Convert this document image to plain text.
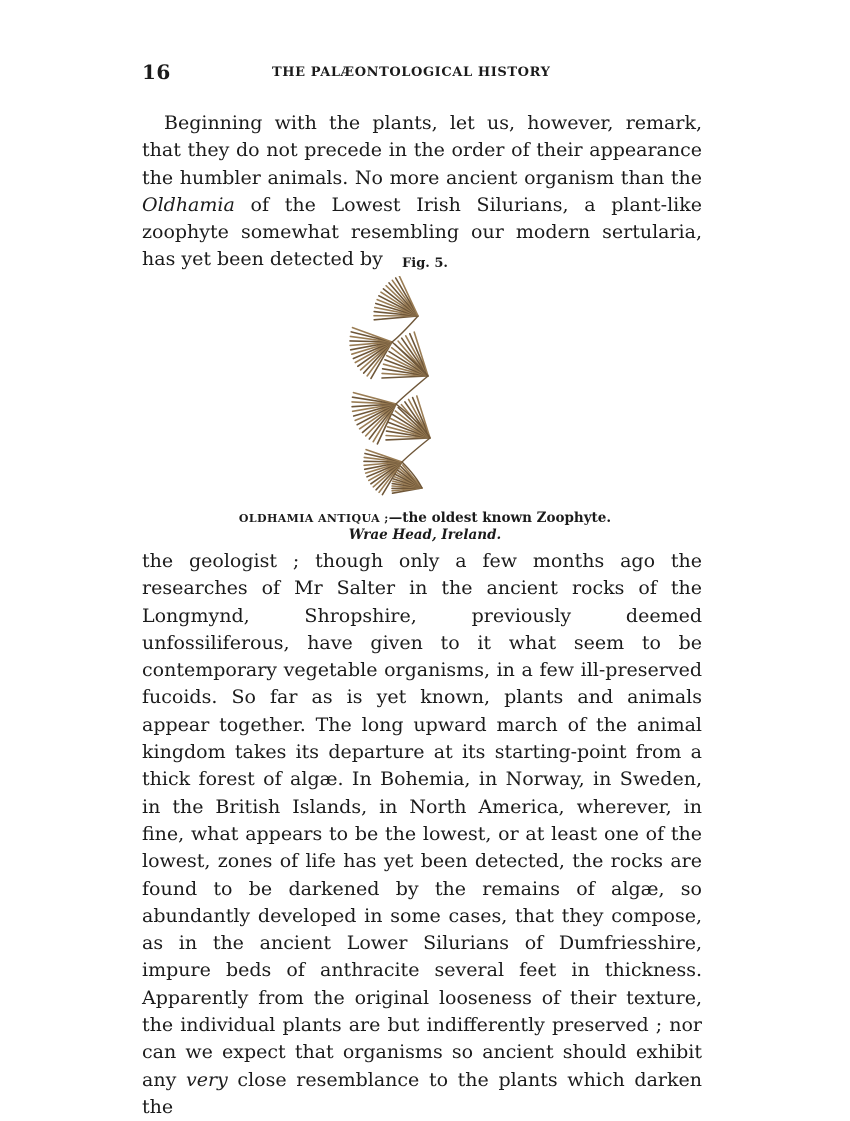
16	THE PALÆONTOLOGICAL HISTORY

Beginning with the plants, let us, however, remark, that they do not precede in the order of their appearance the humbler animals. No more ancient organism than the Oldhamia of the Lowest Irish Silurians, a plant-like zoophyte somewhat resembling our modern sertularia, has yet been detected by	Fig. 5.
OLDHAMIA ANTIQUA ;—the oldest known Zoophyte.
Wrae Head, Ireland.

the geologist ; though only a few months ago the researches of Mr Salter in the ancient rocks of the Longmynd, Shropshire, previously deemed unfossiliferous, have given to it what seem to be contemporary vegetable organisms, in a few ill-preserved fucoids. So far as is yet known, plants and animals appear together. The long upward march of the animal kingdom takes its departure at its starting-point from a thick forest of algæ. In Bohemia, in Norway, in Sweden, in the British Islands, in North America, wherever, in fine, what appears to be the lowest, or at least one of the lowest, zones of life has yet been detected, the rocks are found to be darkened by the remains of algæ, so abundantly developed in some cases, that they compose, as in the ancient Lower Silurians of Dumfriesshire, impure beds of anthracite several feet in thickness. Apparently from the original looseness of their texture, the individual plants are but indifferently preserved ; nor can we expect that organisms so ancient should exhibit any very close resemblance to the plants which darken the
